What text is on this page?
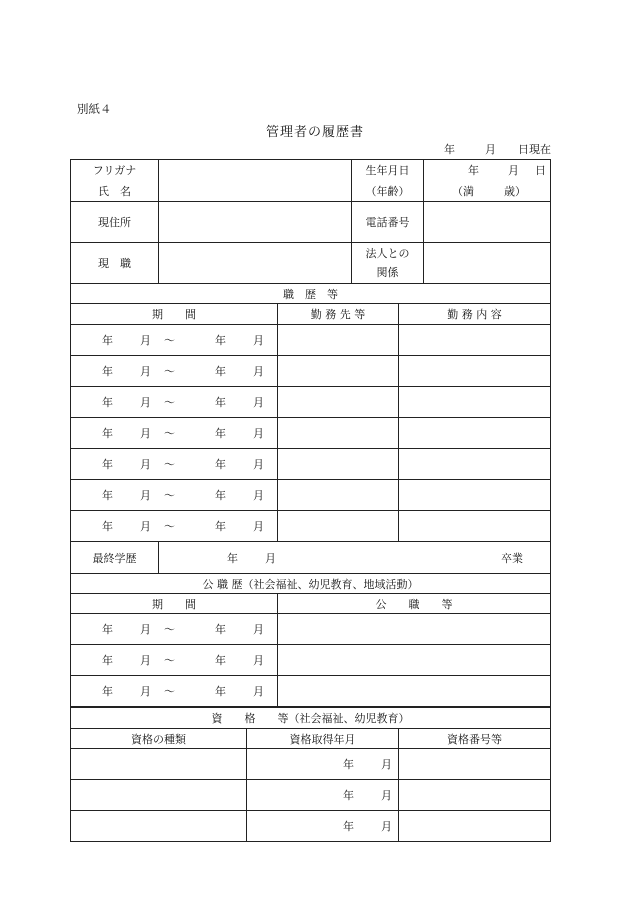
別紙４
管理者の履歴書
年	月 日現在
フリガナ		生年月日	年 月 日

氏　名		（年齢）	（満 歳）

現住所		電話番号	
現　職		法人との
関係	

職　歴　等		
期　　間	勤 務 先 等	勤 務 内 容

年 月 ～ 年 月		

年 月 ～ 年 月		

年 月 ～ 年 月		

年 月 ～ 年 月		

年 月 ～ 年 月		

年 月 ～ 年 月		

年 月 ～ 年 月		

最終学歴	年 月	卒業
公 職 歴（社会福祉、幼児教育、地域活動）	
期　　間	公　　職　　等

年 月 ～ 年 月	

年 月 ～ 年 月	

年 月 ～ 年 月	

資　　格　　等（社会福祉、幼児教育）		
資格の種類	資格取得年月	資格番号等

	年 月	

	年 月	

	年 月	
